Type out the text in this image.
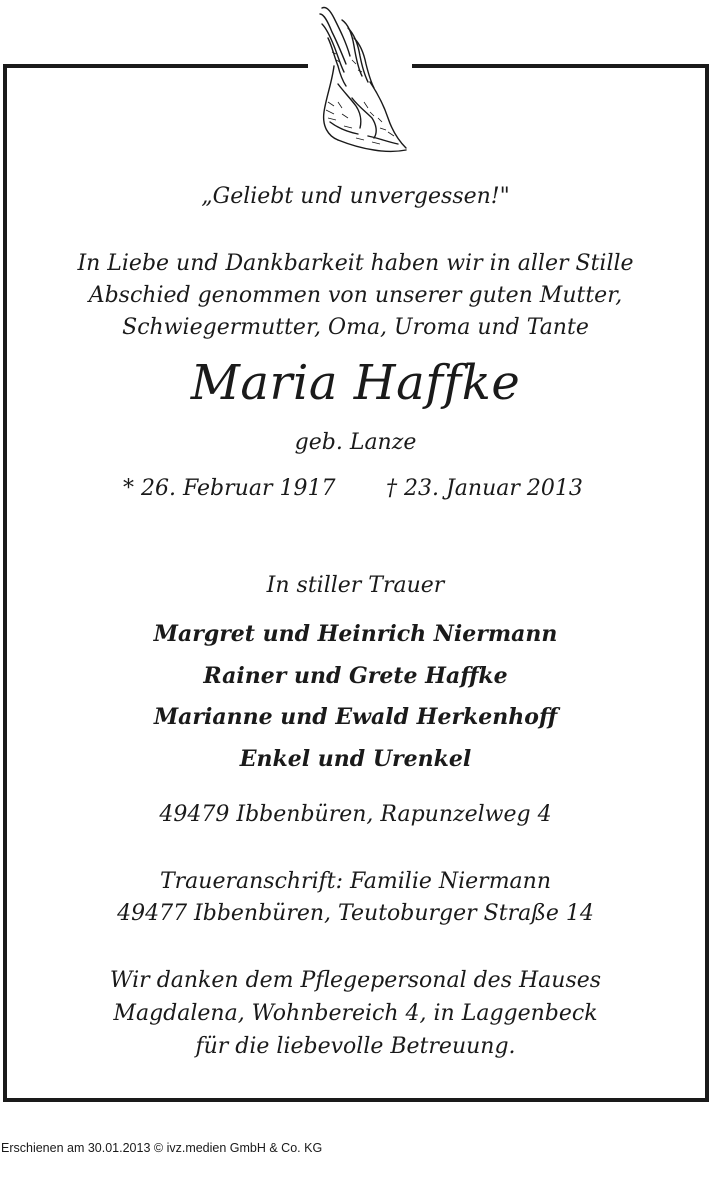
„Geliebt und unvergessen!"
In Liebe und Dankbarkeit haben wir in aller Stille
Abschied genommen von unserer guten Mutter,
Schwiegermutter, Oma, Uroma und Tante
Maria Haffke
geb. Lanze
* 26. Februar 1917 † 23. Januar 2013
In stiller Trauer
Margret und Heinrich Niermann
Rainer und Grete Haffke
Marianne und Ewald Herkenhoff
Enkel und Urenkel
49479 Ibbenbüren, Rapunzelweg 4
Traueranschrift: Familie Niermann
49477 Ibbenbüren, Teutoburger Straße 14
Wir danken dem Pflegepersonal des Hauses
Magdalena, Wohnbereich 4, in Laggenbeck
für die liebevolle Betreuung.
Erschienen am 30.01.2013 © ivz.medien GmbH & Co. KG
